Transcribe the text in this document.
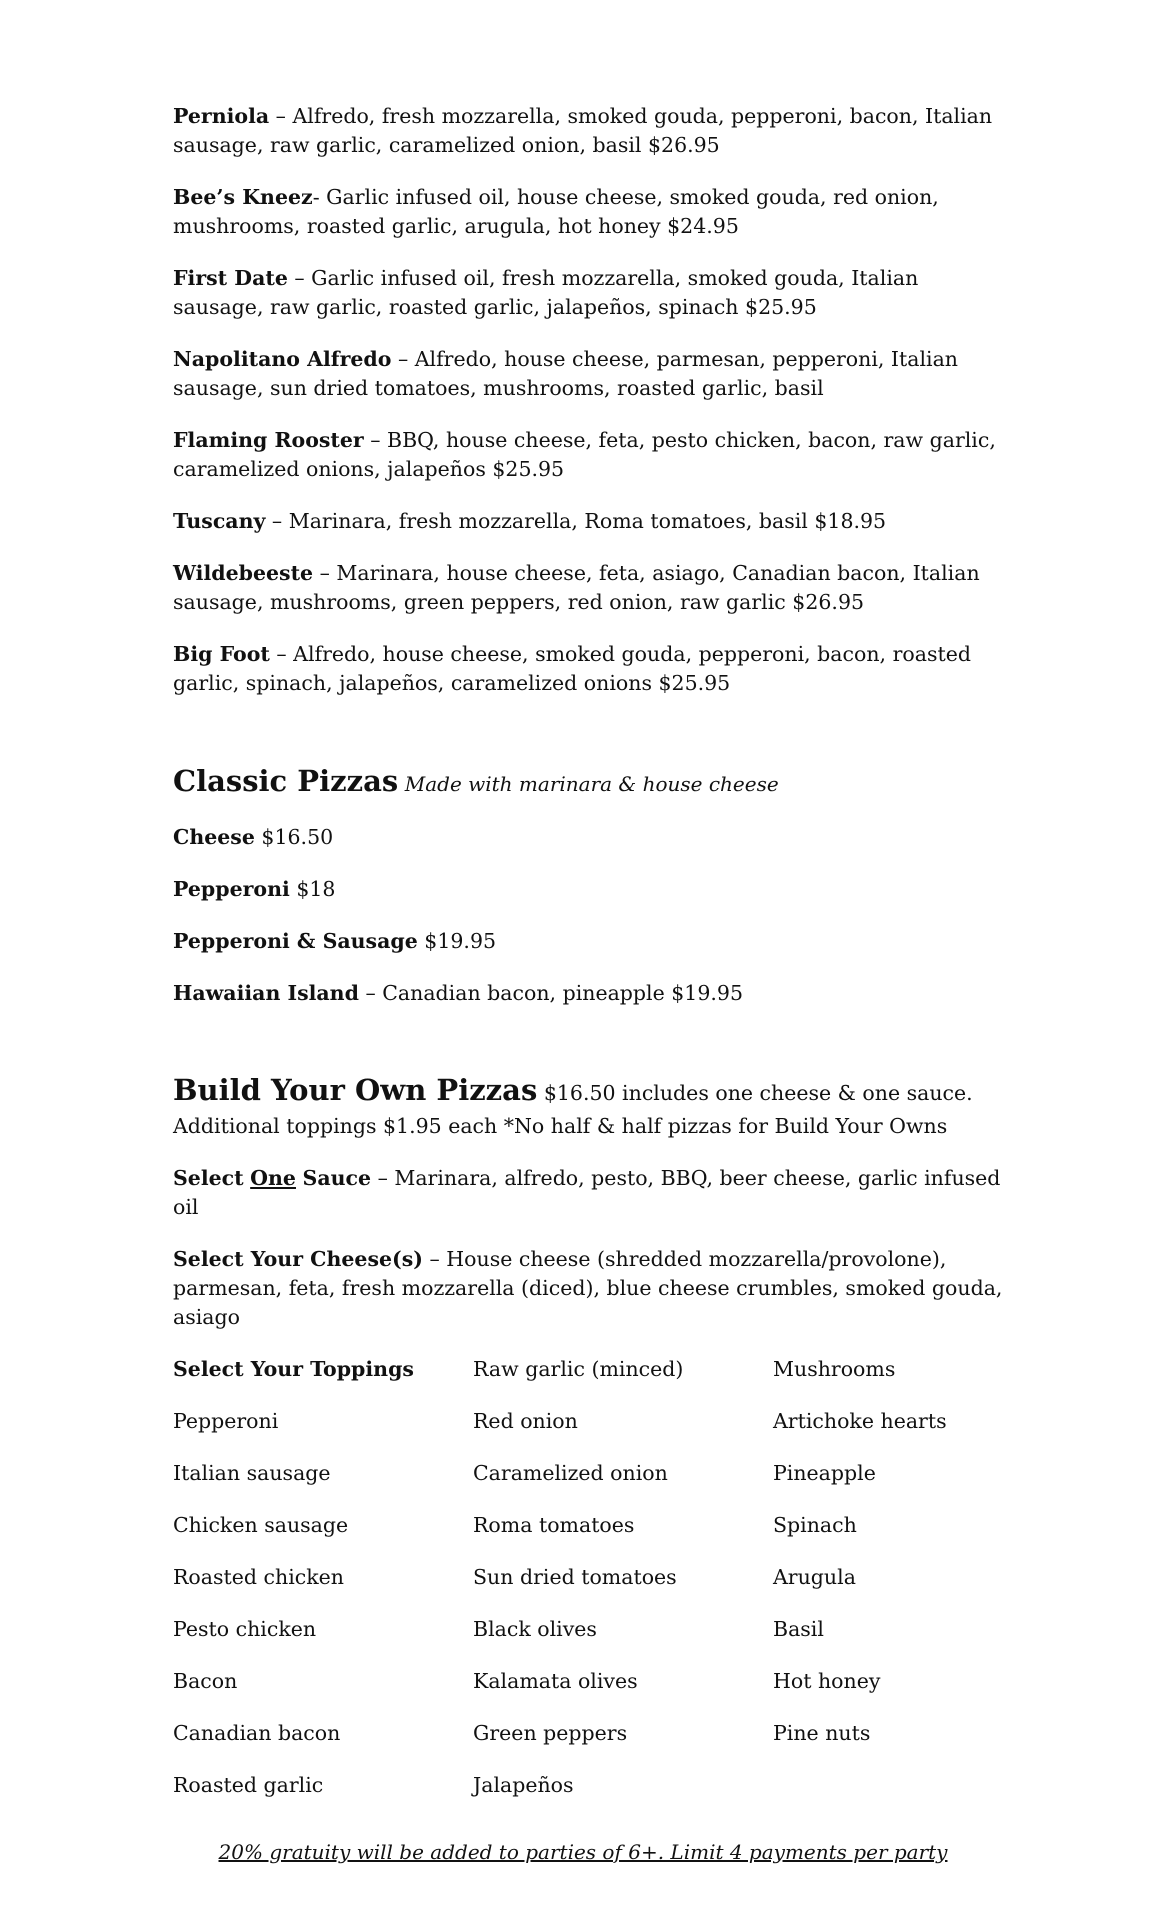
Perniola – Alfredo, fresh mozzarella, smoked gouda, pepperoni, bacon, Italian sausage, raw garlic, caramelized onion, basil $26.95

Bee’s Kneez- Garlic infused oil, house cheese, smoked gouda, red onion, mushrooms, roasted garlic, arugula, hot honey $24.95

First Date – Garlic infused oil, fresh mozzarella, smoked gouda, Italian sausage, raw garlic, roasted garlic, jalapeños, spinach $25.95

Napolitano Alfredo – Alfredo, house cheese, parmesan, pepperoni, Italian sausage, sun dried tomatoes, mushrooms, roasted garlic, basil

Flaming Rooster – BBQ, house cheese, feta, pesto chicken, bacon, raw garlic, caramelized onions, jalapeños $25.95

Tuscany – Marinara, fresh mozzarella, Roma tomatoes, basil $18.95

Wildebeeste – Marinara, house cheese, feta, asiago, Canadian bacon, Italian sausage, mushrooms, green peppers, red onion, raw garlic $26.95

Big Foot – Alfredo, house cheese, smoked gouda, pepperoni, bacon, roasted garlic, spinach, jalapeños, caramelized onions $25.95

Classic Pizzas Made with marinara & house cheese

Cheese $16.50

Pepperoni $18

Pepperoni & Sausage $19.95

Hawaiian Island – Canadian bacon, pineapple $19.95

Build Your Own Pizzas $16.50 includes one cheese & one sauce.
Additional toppings $1.95 each *No half & half pizzas for Build Your Owns

Select One Sauce – Marinara, alfredo, pesto, BBQ, beer cheese, garlic infused oil

Select Your Cheese(s) – House cheese (shredded mozzarella/provolone), parmesan, feta, fresh mozzarella (diced), blue cheese crumbles, smoked gouda, asiago

Select Your Toppings	Raw garlic (minced)	Mushrooms
Pepperoni	Red onion	Artichoke hearts
Italian sausage	Caramelized onion	Pineapple
Chicken sausage	Roma tomatoes	Spinach
Roasted chicken	Sun dried tomatoes	Arugula
Pesto chicken	Black olives	Basil
Bacon	Kalamata olives	Hot honey
Canadian bacon	Green peppers	Pine nuts
Roasted garlic	Jalapeños

20% gratuity will be added to parties of 6+. Limit 4 payments per party
